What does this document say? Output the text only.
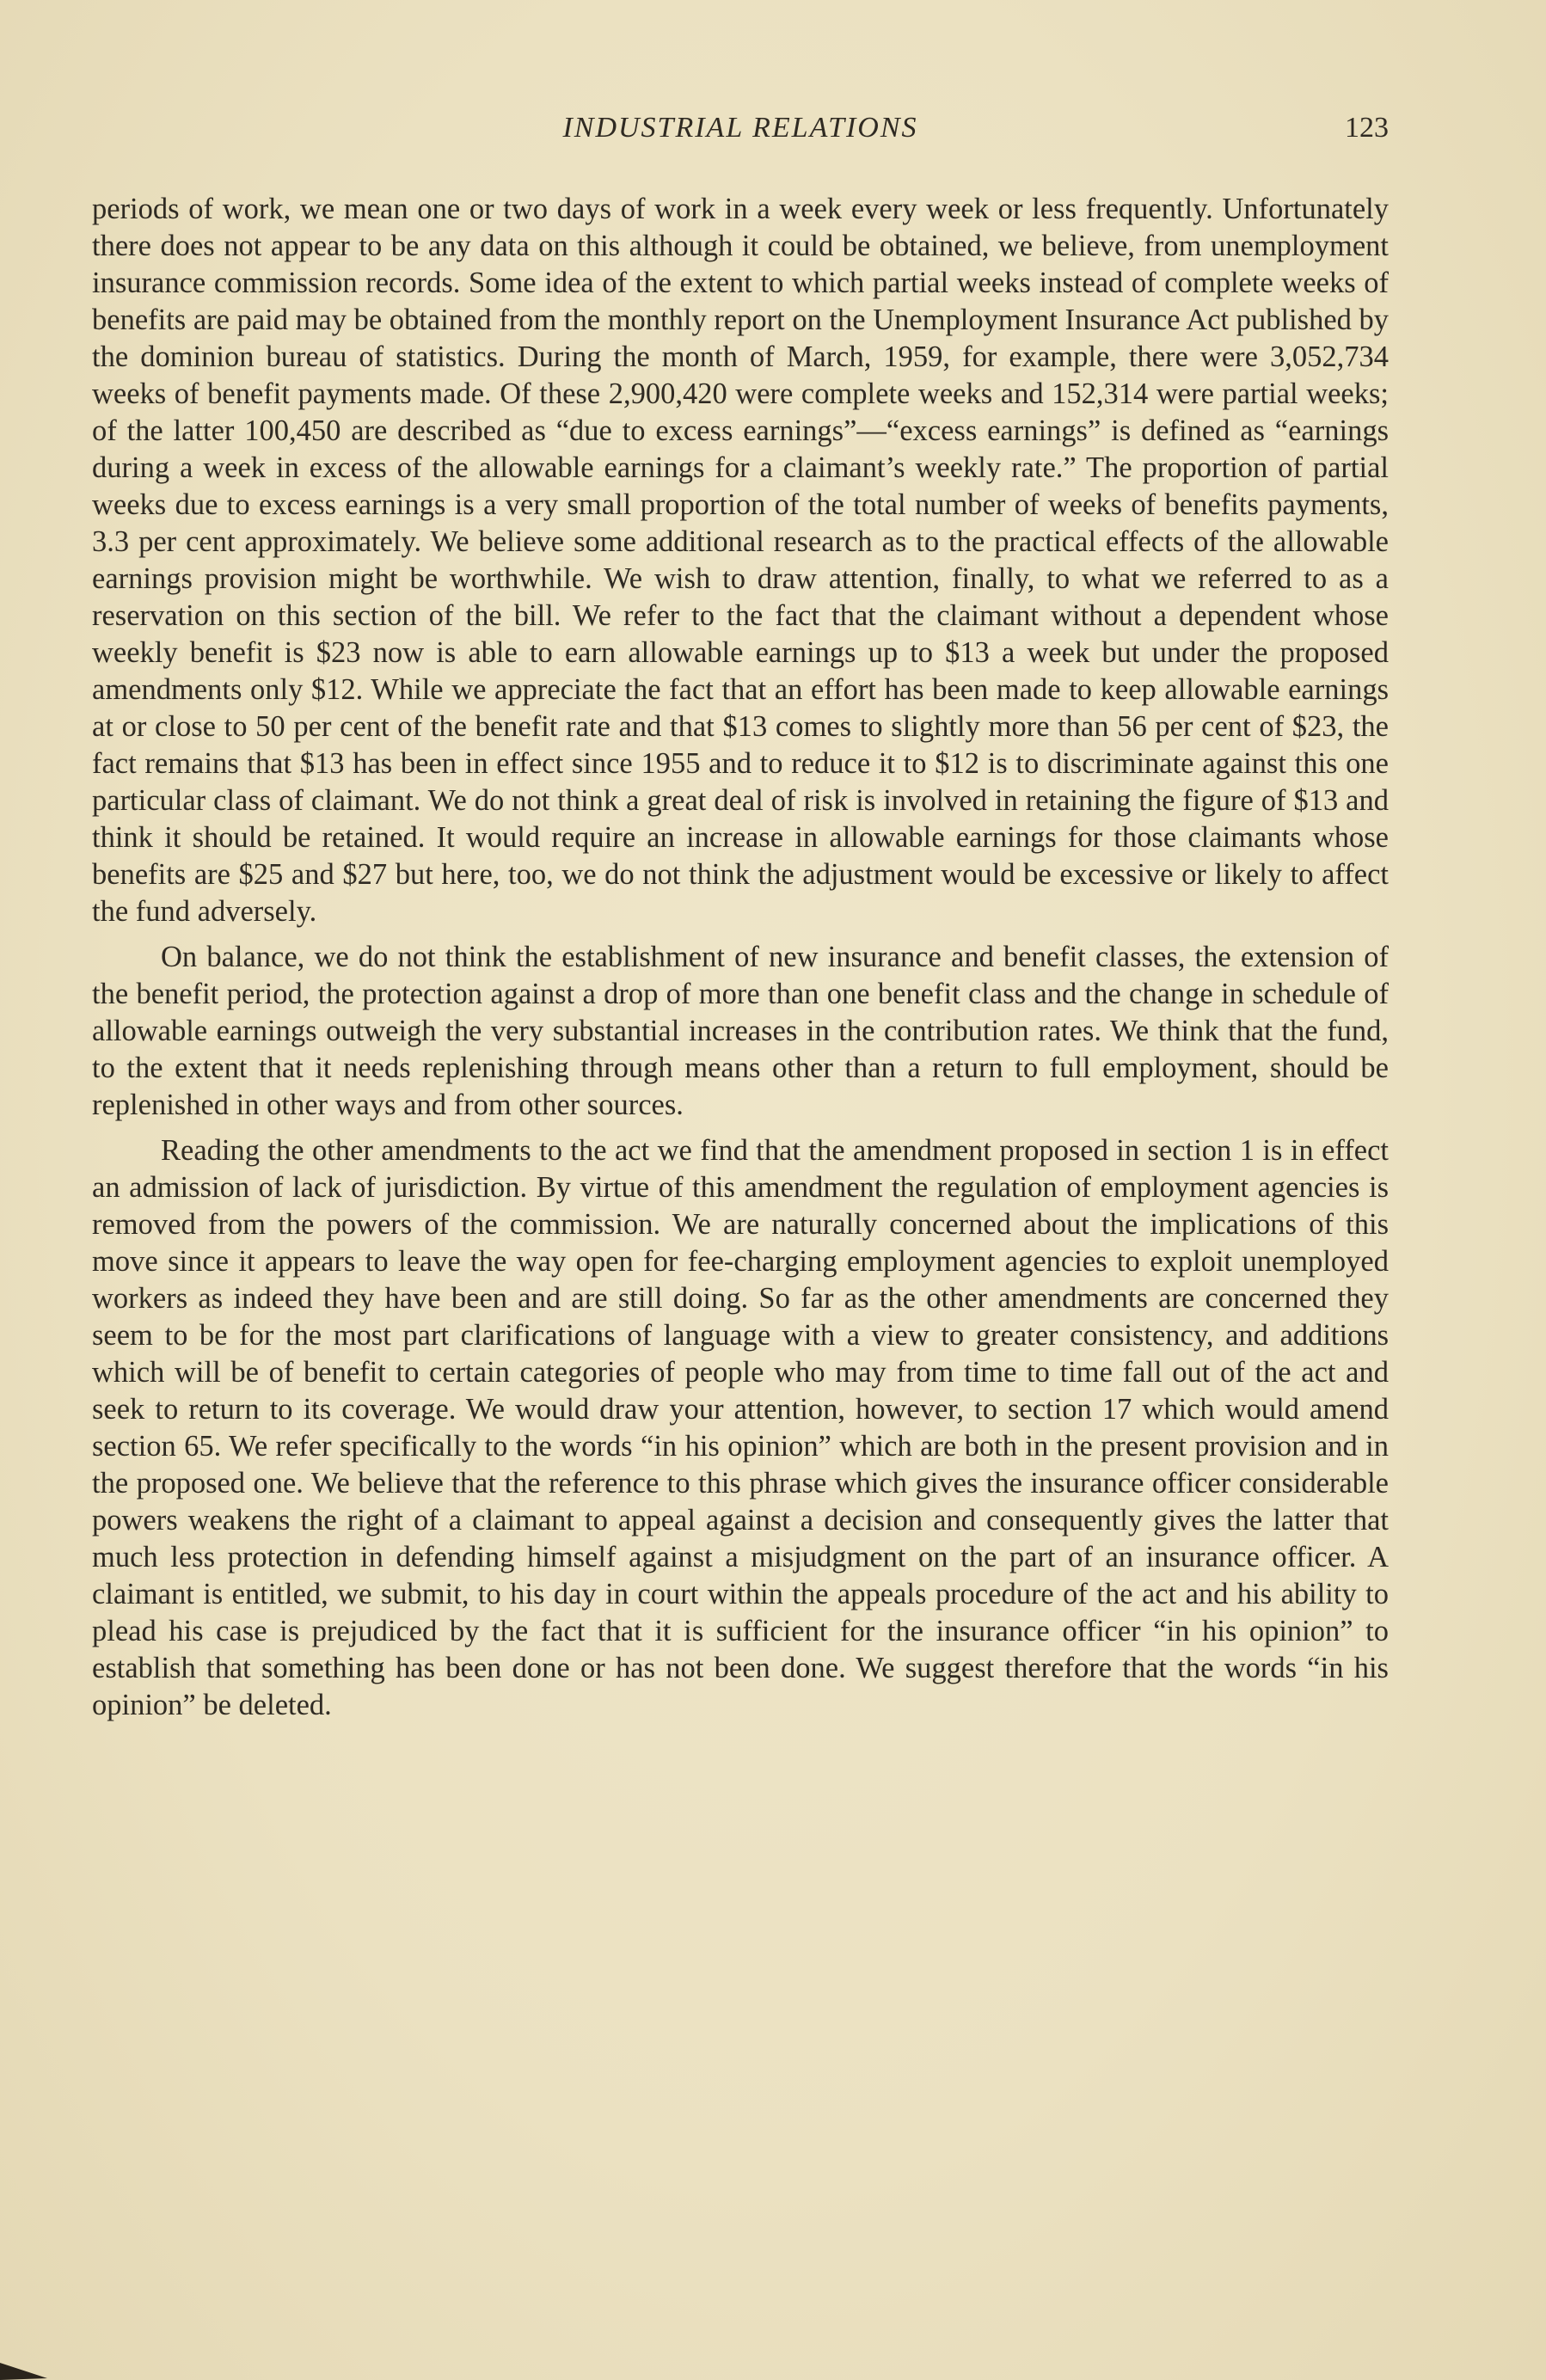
INDUSTRIAL RELATIONS	123

periods of work, we mean one or two days of work in a week every week or less frequently. Unfortunately there does not appear to be any data on this although it could be obtained, we believe, from unemployment insurance commission records. Some idea of the extent to which partial weeks instead of complete weeks of benefits are paid may be obtained from the monthly report on the Unemployment Insurance Act published by the dominion bureau of statistics. During the month of March, 1959, for example, there were 3,052,734 weeks of benefit payments made. Of these 2,900,420 were complete weeks and 152,314 were partial weeks; of the latter 100,450 are described as “due to excess earnings”—“excess earnings” is defined as “earnings during a week in excess of the allowable earnings for a claimant’s weekly rate.” The proportion of partial weeks due to excess earnings is a very small proportion of the total number of weeks of benefits payments, 3.3 per cent approximately. We believe some additional research as to the practical effects of the allowable earnings provision might be worthwhile. We wish to draw attention, finally, to what we referred to as a reservation on this section of the bill. We refer to the fact that the claimant without a dependent whose weekly benefit is $23 now is able to earn allowable earnings up to $13 a week but under the proposed amendments only $12. While we appreciate the fact that an effort has been made to keep allowable earnings at or close to 50 per cent of the benefit rate and that $13 comes to slightly more than 56 per cent of $23, the fact remains that $13 has been in effect since 1955 and to reduce it to $12 is to discriminate against this one particular class of claimant. We do not think a great deal of risk is involved in retaining the figure of $13 and think it should be retained. It would require an increase in allowable earnings for those claimants whose benefits are $25 and $27 but here, too, we do not think the adjustment would be excessive or likely to affect the fund adversely.

On balance, we do not think the establishment of new insurance and benefit classes, the extension of the benefit period, the protection against a drop of more than one benefit class and the change in schedule of allowable earnings outweigh the very substantial increases in the contribution rates. We think that the fund, to the extent that it needs replenishing through means other than a return to full employment, should be replenished in other ways and from other sources.

Reading the other amendments to the act we find that the amendment proposed in section 1 is in effect an admission of lack of jurisdiction. By virtue of this amendment the regulation of employment agencies is removed from the powers of the commission. We are naturally concerned about the implications of this move since it appears to leave the way open for fee-charging employment agencies to exploit unemployed workers as indeed they have been and are still doing. So far as the other amendments are concerned they seem to be for the most part clarifications of language with a view to greater consistency, and additions which will be of benefit to certain categories of people who may from time to time fall out of the act and seek to return to its coverage. We would draw your attention, however, to section 17 which would amend section 65. We refer specifically to the words “in his opinion” which are both in the present provision and in the proposed one. We believe that the reference to this phrase which gives the insurance officer considerable powers weakens the right of a claimant to appeal against a decision and consequently gives the latter that much less protection in defending himself against a misjudgment on the part of an insurance officer. A claimant is entitled, we submit, to his day in court within the appeals procedure of the act and his ability to plead his case is prejudiced by the fact that it is sufficient for the insurance officer “in his opinion” to establish that something has been done or has not been done. We suggest therefore that the words “in his opinion” be deleted.
